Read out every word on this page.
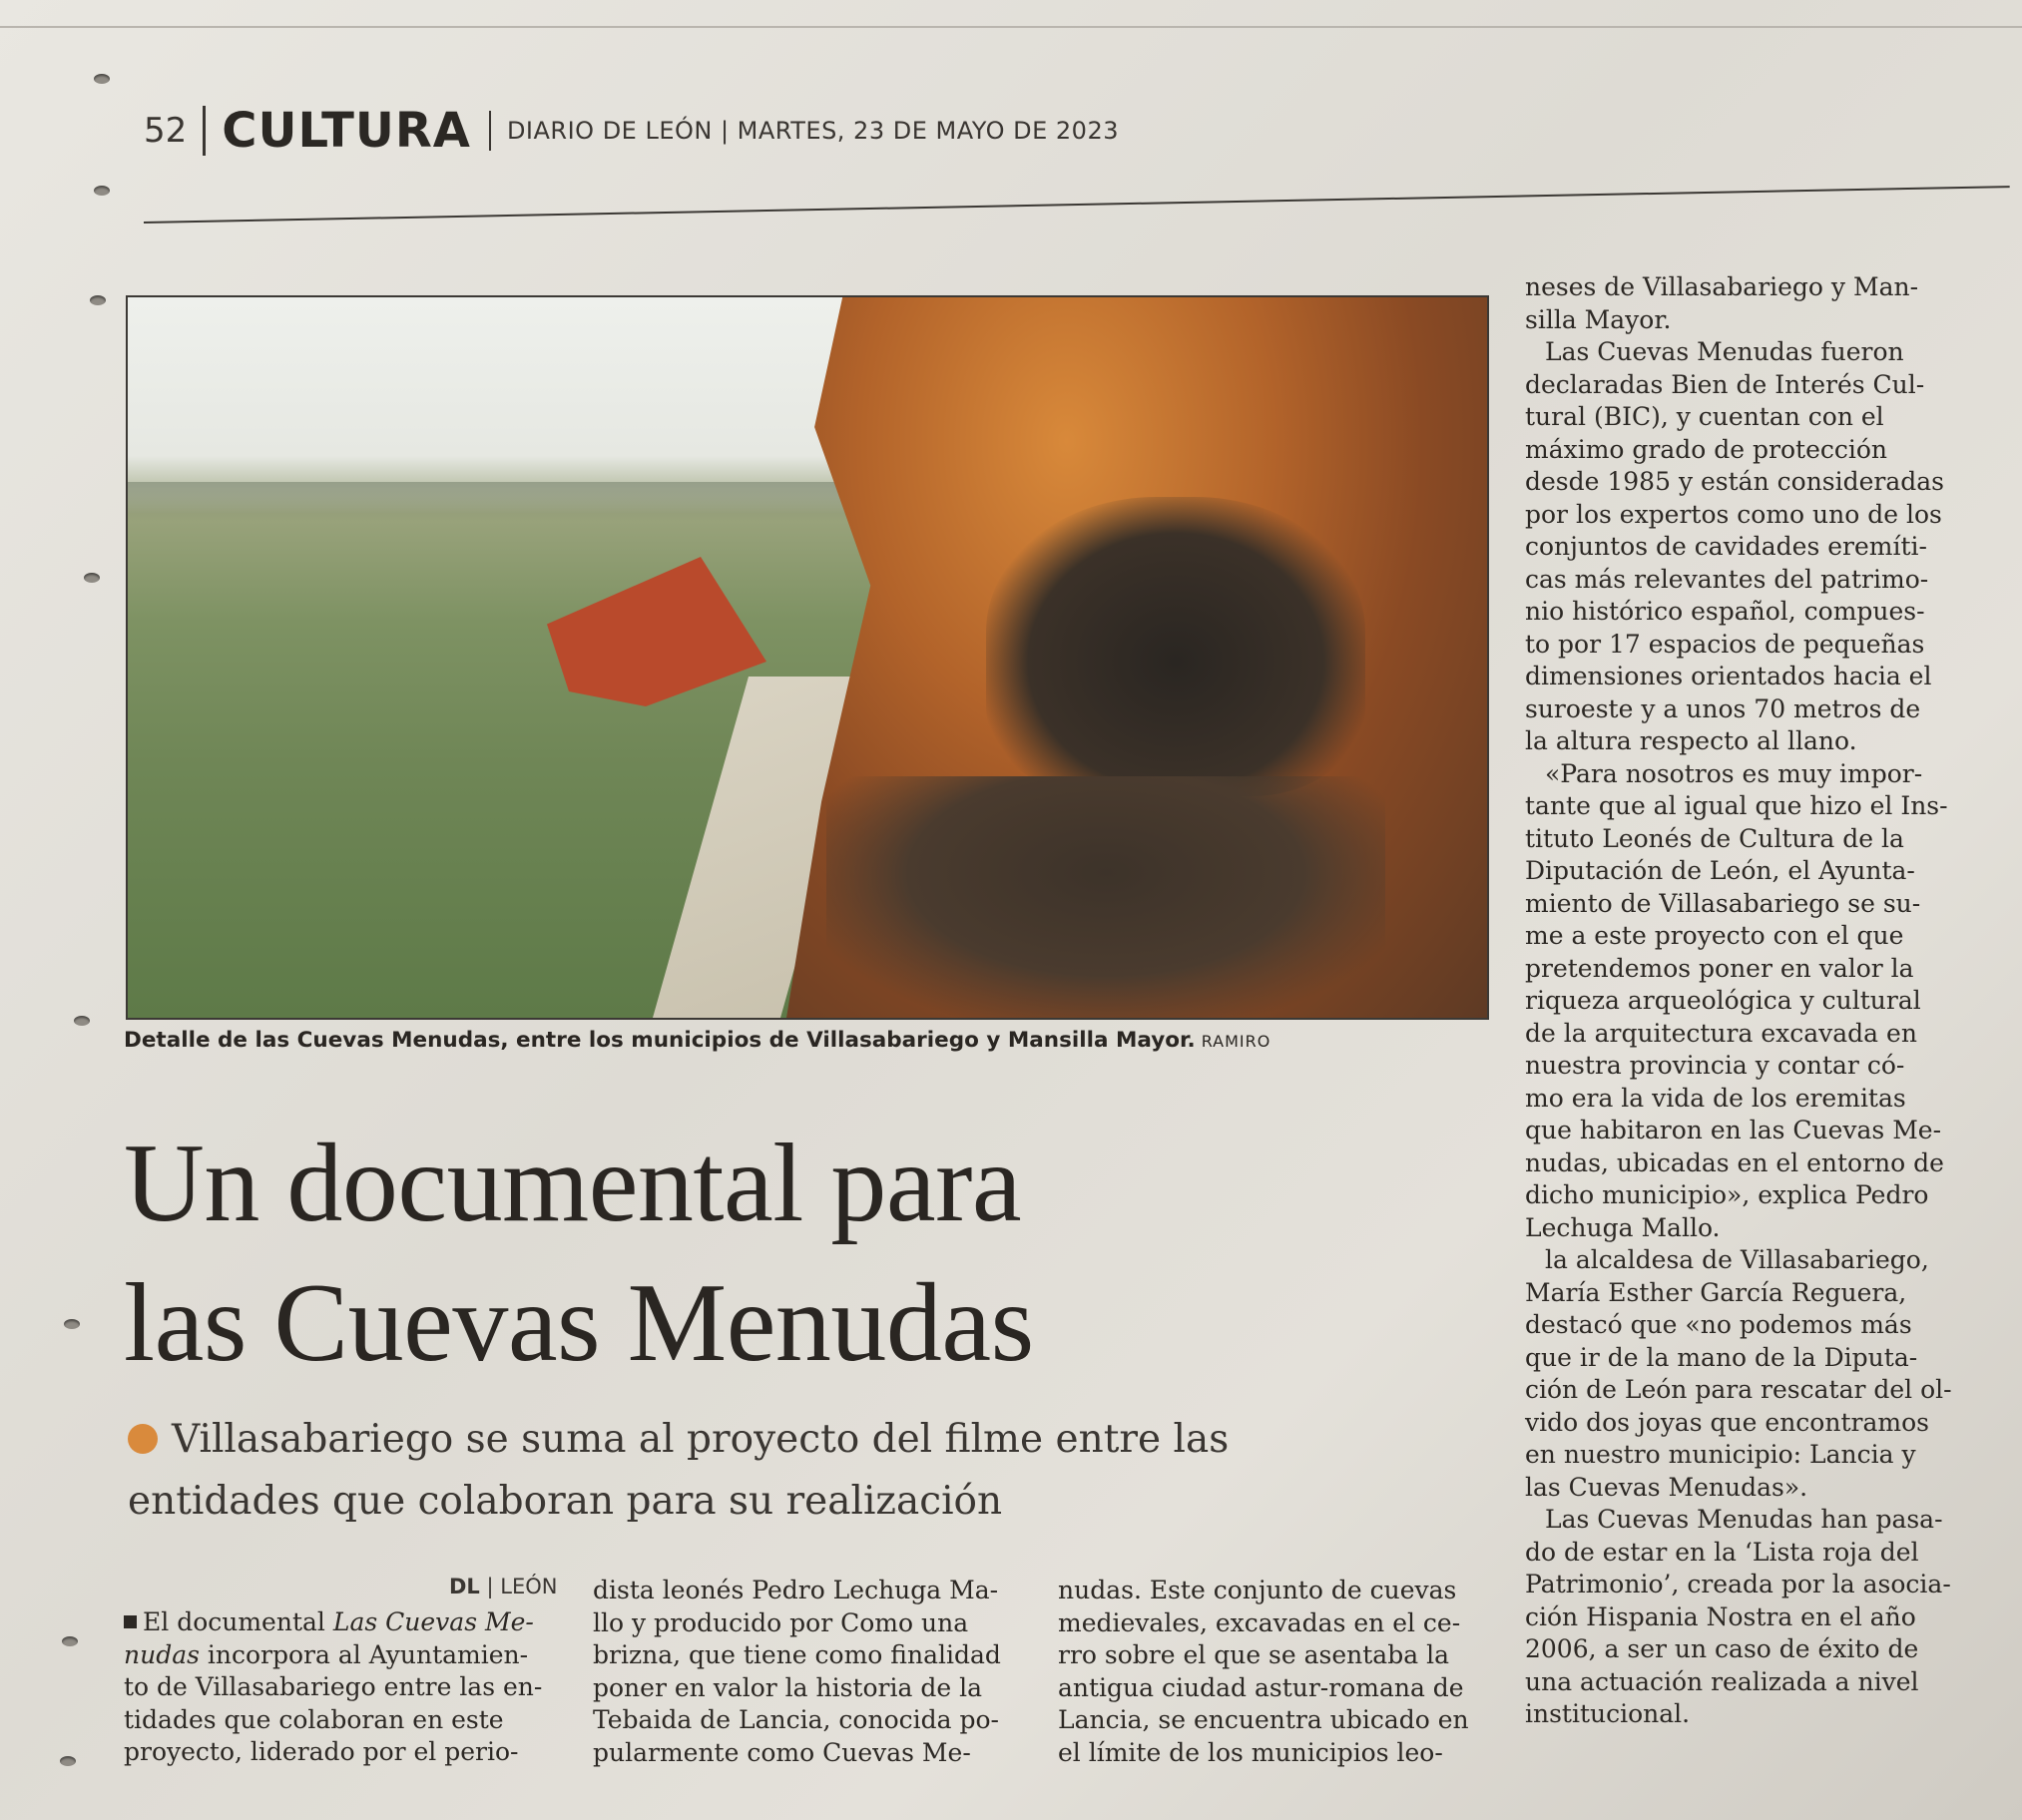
52 CULTURA DIARIO DE LEÓN | MARTES, 23 DE MAYO DE 2023
Detalle de las Cuevas Menudas, entre los municipios de Villasabariego y Mansilla Mayor. RAMIRO
Un documental para
las Cuevas Menudas
Villasabariego se suma al proyecto del filme entre las
entidades que colaboran para su realización
DL | LEÓN
El documental Las Cuevas Me-
nudas incorpora al Ayuntamien-
to de Villasabariego entre las en-
tidades que colaboran en este
proyecto, liderado por el perio-
dista leonés Pedro Lechuga Ma-
llo y producido por Como una
brizna, que tiene como finalidad
poner en valor la historia de la
Tebaida de Lancia, conocida po-
pularmente como Cuevas Me-
nudas. Este conjunto de cuevas
medievales, excavadas en el ce-
rro sobre el que se asentaba la
antigua ciudad astur-romana de
Lancia, se encuentra ubicado en
el límite de los municipios leo-
neses de Villasabariego y Man-
silla Mayor.
Las Cuevas Menudas fueron
declaradas Bien de Interés Cul-
tural (BIC), y cuentan con el
máximo grado de protección
desde 1985 y están consideradas
por los expertos como uno de los
conjuntos de cavidades eremíti-
cas más relevantes del patrimo-
nio histórico español, compues-
to por 17 espacios de pequeñas
dimensiones orientados hacia el
suroeste y a unos 70 metros de
la altura respecto al llano.
«Para nosotros es muy impor-
tante que al igual que hizo el Ins-
tituto Leonés de Cultura de la
Diputación de León, el Ayunta-
miento de Villasabariego se su-
me a este proyecto con el que
pretendemos poner en valor la
riqueza arqueológica y cultural
de la arquitectura excavada en
nuestra provincia y contar có-
mo era la vida de los eremitas
que habitaron en las Cuevas Me-
nudas, ubicadas en el entorno de
dicho municipio», explica Pedro
Lechuga Mallo.
la alcaldesa de Villasabariego,
María Esther García Reguera,
destacó que «no podemos más
que ir de la mano de la Diputa-
ción de León para rescatar del ol-
vido dos joyas que encontramos
en nuestro municipio: Lancia y
las Cuevas Menudas».
Las Cuevas Menudas han pasa-
do de estar en la ‘Lista roja del
Patrimonio’, creada por la asocia-
ción Hispania Nostra en el año
2006, a ser un caso de éxito de
una actuación realizada a nivel
institucional.
